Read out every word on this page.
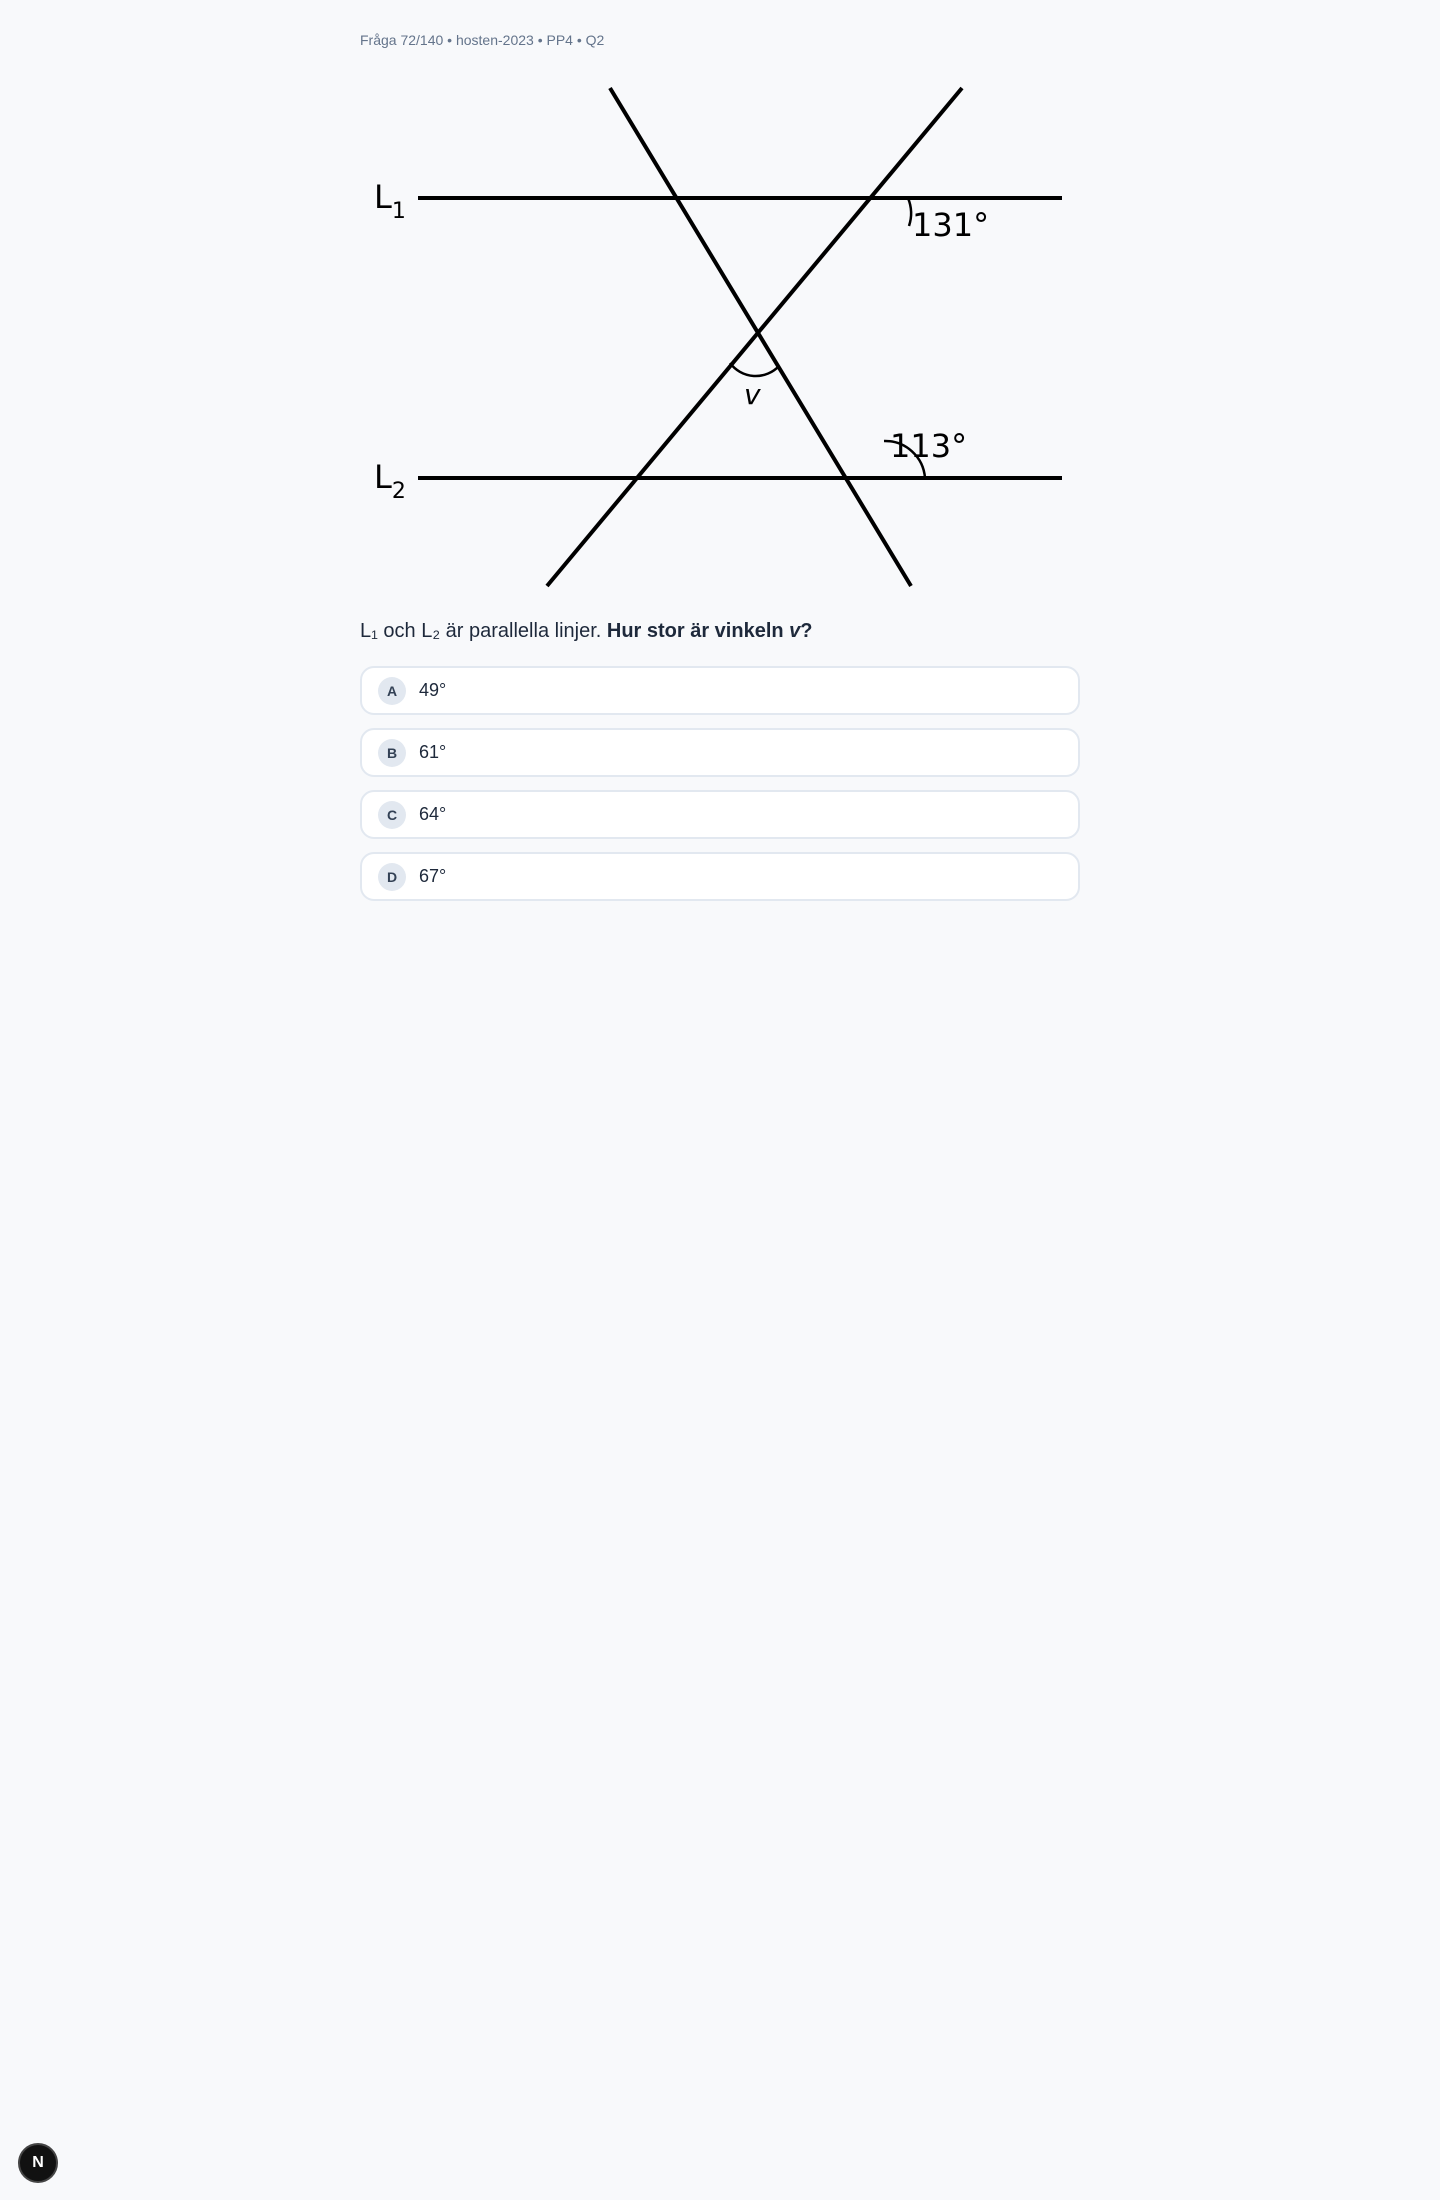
Fråga 72/140 • hosten-2023 • PP4 • Q2
$L_1$
$L_2$
131°
113°
v
L₁ och L₂ är parallella linjer. Hur stor är vinkeln v?
A	49°
B	61°
C	64°
D	67°
N
